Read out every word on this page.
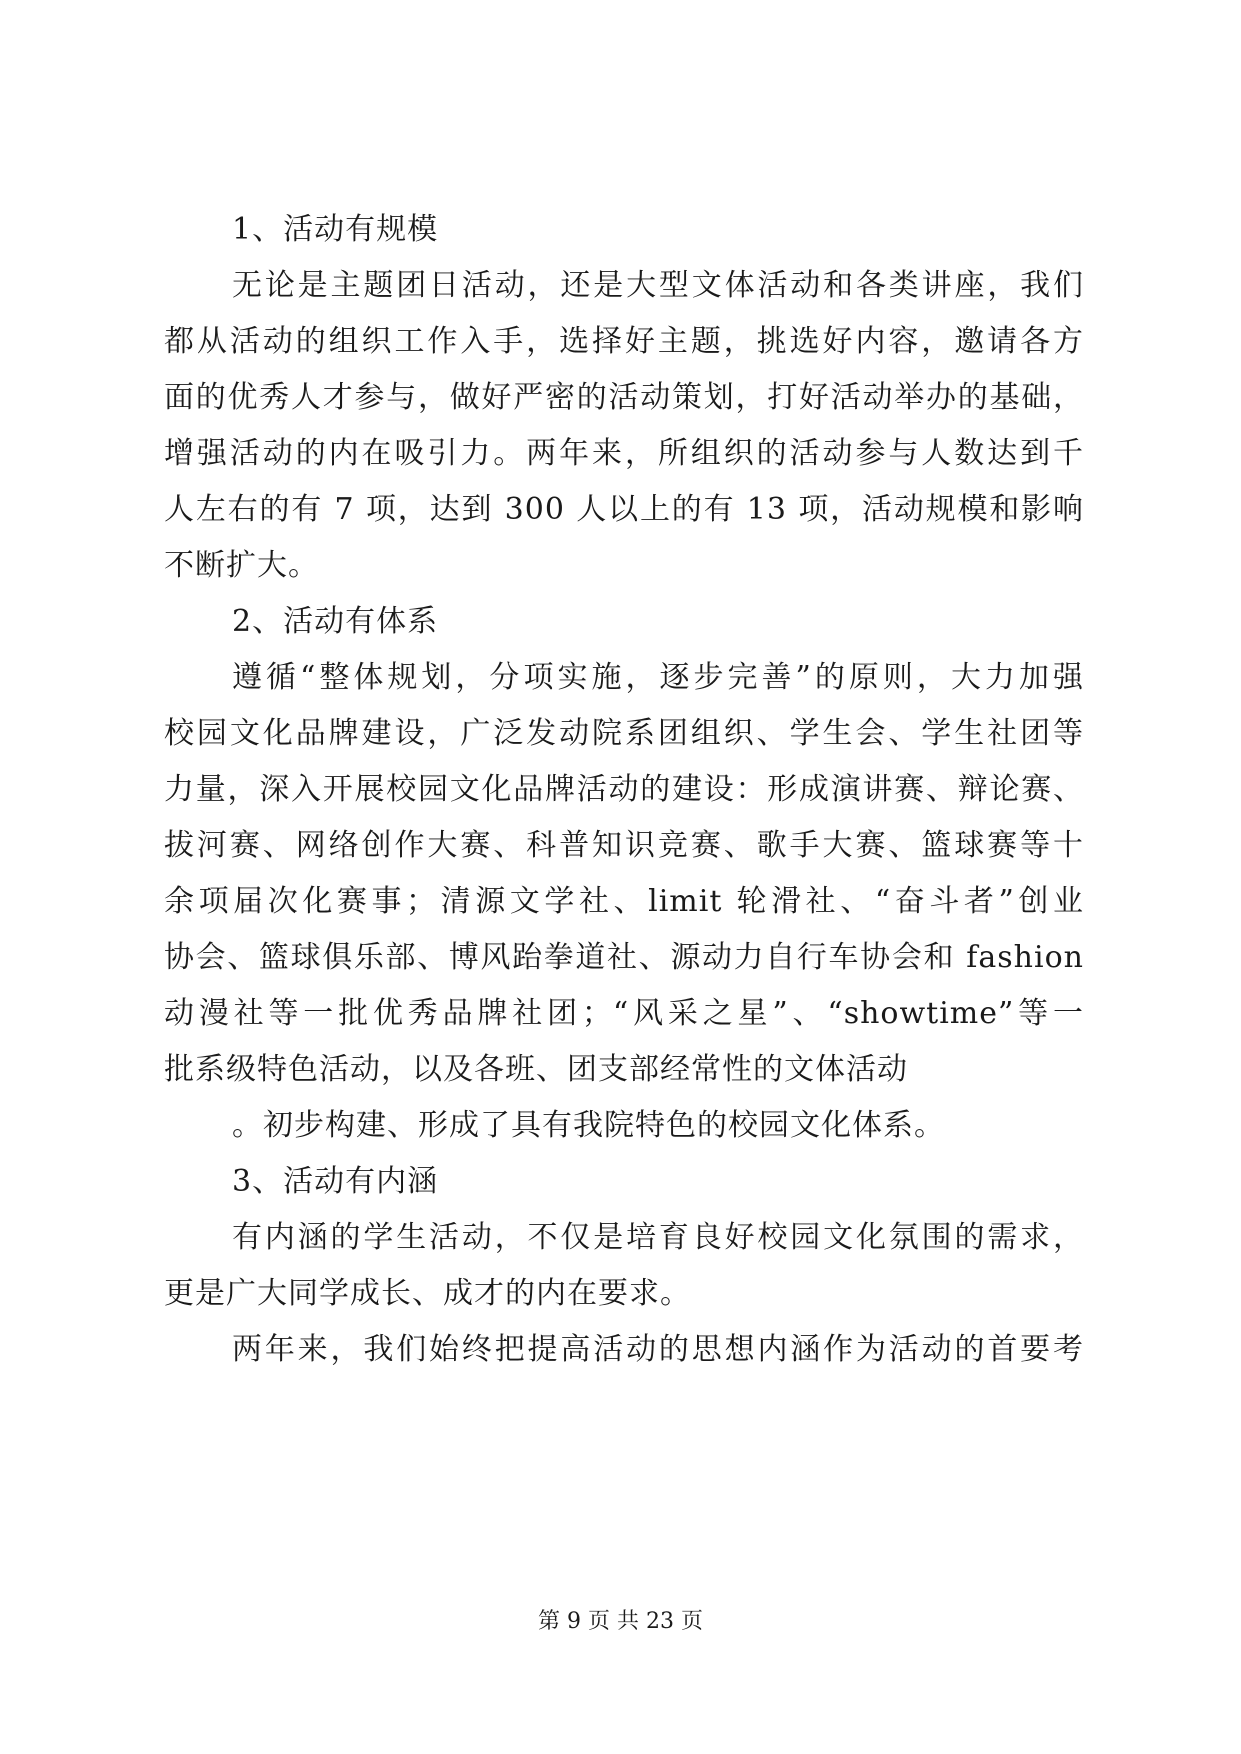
1、活动有规模
无论是主题团日活动，还是大型文体活动和各类讲座，我们
都从活动的组织工作入手，选择好主题，挑选好内容，邀请各方
面的优秀人才参与，做好严密的活动策划，打好活动举办的基础，
增强活动的内在吸引力。两年来，所组织的活动参与人数达到千
人左右的有 7 项，达到 300 人以上的有 13 项，活动规模和影响
不断扩大。
2、活动有体系
遵循“整体规划，分项实施，逐步完善”的原则，大力加强
校园文化品牌建设，广泛发动院系团组织、学生会、学生社团等
力量，深入开展校园文化品牌活动的建设：形成演讲赛、辩论赛、
拔河赛、网络创作大赛、科普知识竞赛、歌手大赛、篮球赛等十
余项届次化赛事；清源文学社、limit 轮滑社、“奋斗者”创业
协会、篮球俱乐部、博风跆拳道社、源动力自行车协会和 fashion
动漫社等一批优秀品牌社团；“风采之星”、“showtime”等一
批系级特色活动，以及各班、团支部经常性的文体活动
。初步构建、形成了具有我院特色的校园文化体系。
3、活动有内涵
有内涵的学生活动，不仅是培育良好校园文化氛围的需求，
更是广大同学成长、成才的内在要求。
两年来，我们始终把提高活动的思想内涵作为活动的首要考
第 9 页 共 23 页
